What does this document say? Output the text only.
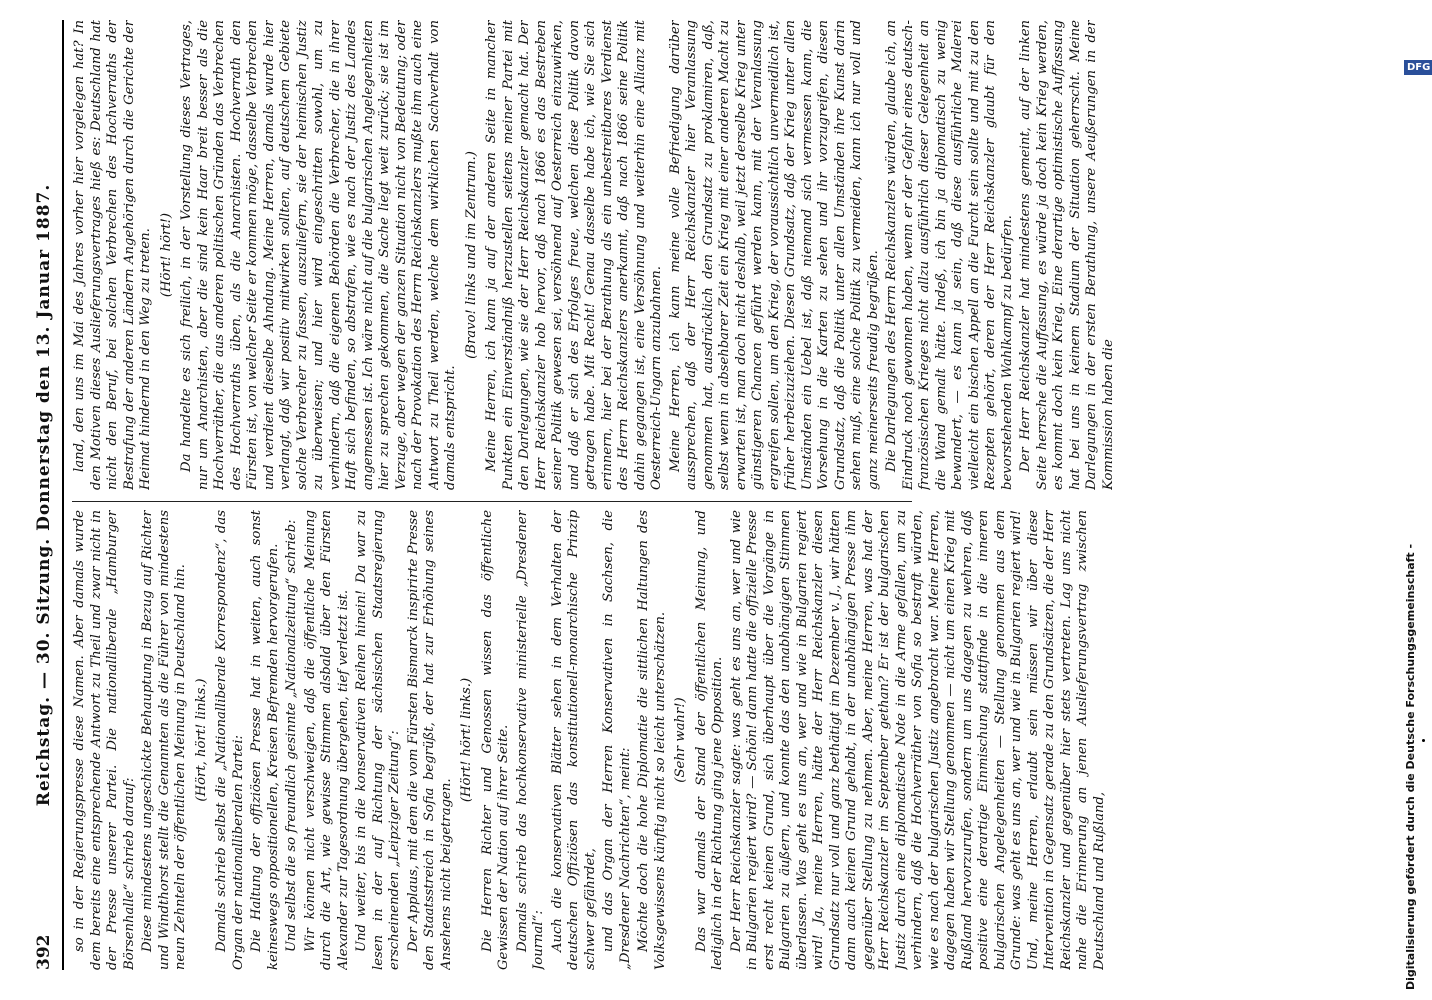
392
Reichstag. — 30. Sitzung. Donnerstag den 13. Januar 1887. so in der Regierungspresse diese Namen. Aber damals wurde dem bereits eine entsprechende Antwort zu Theil und zwar nicht in der Presse unserer Partei. Die nationalliberale „Hamburger Börsenhalle“ schrieb darauf: Diese mindestens ungeschickte Behauptung in Bezug auf Richter und Windthorst stellt die Genannten als die Führer von mindestens neun Zehnteln der öffentlichen Meinung in Deutschland hin. (Hört, hört! links.) Damals schrieb selbst die „Nationalliberale Korrespondenz“, das Organ der nationalliberalen Partei: Die Haltung der offiziösen Presse hat in weiten, auch sonst keineswegs oppositionellen, Kreisen Befremden hervorgerufen. Und selbst die so freundlich gesinnte „Nationalzeitung“ schrieb: Wir können nicht verschweigen, daß die öffentliche Meinung durch die Art, wie gewisse Stimmen alsbald über den Fürsten Alexander zur Tagesordnung übergehen, tief verletzt ist. Und weiter, bis in die konservativen Reihen hinein! Da war zu lesen in der auf Richtung der sächsischen Staatsregierung erscheinenden „Leipziger Zeitung“: Der Applaus, mit dem die vom Fürsten Bismarck inspirirte Presse den Staatsstreich in Sofia begrüßt, der hat zur Erhöhung seines Ansehens nicht beigetragen.

(Hört! hört! links.) Die Herren Richter und Genossen wissen das öffentliche Gewissen der Nation auf ihrer Seite. Damals schrieb das hochkonservative ministerielle „Dresdener Journal“: Auch die konservativen Blätter sehen in dem Verhalten der deutschen Offiziösen das konstitutionell-monarchische Prinzip schwer gefährdet, und das Organ der Herren Konservativen in Sachsen, die „Dresdener Nachrichten“, meint: Möchte doch die hohe Diplomatie die sittlichen Haltungen des Volksgewissens künftig nicht so leicht unterschätzen. (Sehr wahr!) Das war damals der Stand der öffentlichen Meinung, und lediglich in der Richtung ging jene Opposition. Der Herr Reichskanzler sagte: was geht es uns an, wer und wie in Bulgarien regiert wird? — Schön! dann hatte die offizielle Presse erst recht keinen Grund, sich überhaupt über die Vorgänge in Bulgarien zu äußern, und konnte das den unabhängigen Stimmen überlassen. Was geht es uns an, wer und wie in Bulgarien regiert wird! Ja, meine Herren, hätte der Herr Reichskanzler diesen Grundsatz nur voll und ganz bethätigt im Dezember v. J., wir hätten dann auch keinen Grund gehabt, in der unabhängigen Presse ihm gegenüber Stellung zu nehmen. Aber, meine Herren, was hat der Herr Reichskanzler im September gethan? Er ist der bulgarischen Justiz durch eine diplomatische Note in die Arme gefallen, um zu verhindern, daß die Hochverräther von Sofia so bestraft würden, wie es nach der bulgarischen Justiz angebracht war. Meine Herren, dagegen haben wir Stellung genommen — nicht um einen Krieg mit Rußland hervorzurufen, sondern um uns dagegen zu wehren, daß positive eine derartige Einmischung stattfinde in die inneren bulgarischen Angelegenheiten — Stellung genommen aus dem Grunde: was geht es uns an, wer und wie in Bulgarien regiert wird! Und, meine Herren, erlaubt sein müssen wir über diese Intervention in Gegensatz gerade zu den Grundsätzen, die der Herr Reichskanzler und gegenüber hier stets vertreten. Lag uns nicht nahe die Erinnerung an jenen Auslieferungsvertrag zwischen Deutschland und Rußland,

land, den uns im Mai des Jahres vorher hier vorgelegen hat? In den Motiven dieses Auslieferungsvertrages hieß es: Deutschland hat nicht den Beruf, bei solchen Verbrechen des Hochverraths der Bestrafung der anderen Ländern Angehörigen durch die Gerichte der Heimat hindernd in den Weg zu treten. (Hört! hört!) Da handelte es sich freilich, in der Vorstellung dieses Vertrages, nur um Anarchisten, aber die sind kein Haar breit besser als die Hochverräther, die aus anderen politischen Gründen das Verbrechen des Hochverraths üben, als die Anarchisten. Hochverrath den Fürsten ist, von welcher Seite er kommen möge, dasselbe Verbrechen und verdient dieselbe Ahndung. Meine Herren, damals wurde hier verlangt, daß wir positiv mitwirken sollten, auf deutschem Gebiete solche Verbrecher zu fassen, auszuliefern, sie der heimischen Justiz zu überweisen; und hier wird eingeschritten sowohl, um zu verhindern, daß die eigenen Behörden die Verbrecher, die in ihrer Haft sich befinden, so abstrafen, wie es nach der Justiz des Landes angemessen ist. Ich wäre nicht auf die bulgarischen Angelegenheiten hier zu sprechen gekommen, die Sache liegt weit zurück; sie ist im Verzuge, aber wegen der ganzen Situation nicht von Bedeutung; oder nach der Provokation des Herrn Reichskanzlers mußte ihm auch eine Antwort zu Theil werden, welche dem wirklichen Sachverhalt von damals entspricht.

(Bravo! links und im Zentrum.) Meine Herren, ich kann ja auf der anderen Seite in mancher Punkten ein Einverständniß herzustellen seitens meiner Partei mit den Darlegungen, wie sie der Herr Reichskanzler gemacht hat. Der Herr Reichskanzler hob hervor, daß nach 1866 es das Bestreben seiner Politik gewesen sei, versöhnend auf Oesterreich einzuwirken, und daß er sich des Erfolges freue, welchen diese Politik davon getragen habe. Mit Recht! Genau dasselbe habe ich, wie Sie sich erinnern, hier bei der Berathung als ein unbestreitbares Verdienst des Herrn Reichskanzlers anerkannt, daß nach 1866 seine Politik dahin gegangen ist, eine Versöhnung und weiterhin eine Allianz mit Oesterreich-Ungarn anzubahnen. Meine Herren, ich kann meine volle Befriedigung darüber aussprechen, daß der Herr Reichskanzler hier Veranlassung genommen hat, ausdrücklich den Grundsatz zu proklamiren, daß, selbst wenn in absehbarer Zeit ein Krieg mit einer anderen Macht zu erwarten ist, man doch nicht deshalb, weil jetzt derselbe Krieg unter günstigeren Chancen geführt werden kann, mit der Veranlassung ergreifen sollen, um den Krieg, der voraussichtlich unvermeidlich ist, früher herbeizuziehen. Diesen Grundsatz, daß der Krieg unter allen Umständen ein Uebel ist, daß niemand sich vermessen kann, die Vorsehung in die Karten zu sehen und ihr vorzugreifen, diesen Grundsatz, daß die Politik unter allen Umständen ihre Kunst darin sehen muß, eine solche Politik zu vermeiden, kann ich nur voll und ganz meinerseits freudig begrüßen. Die Darlegungen des Herrn Reichskanzlers würden, glaube ich, an Eindruck noch gewonnen haben, wenn er der Gefahr eines deutsch-französischen Krieges nicht allzu ausführlich dieser Gelegenheit an die Wand gemalt hätte. Indeß, ich bin ja diplomatisch zu wenig bewandert, — es kann ja sein, daß diese ausführliche Malerei vielleicht ein bischen Appell an die Furcht sein sollte und mit zu den Rezepten gehört, deren der Herr Reichskanzler glaubt für den bevorstehenden Wahlkampf zu bedürfen. Der Herr Reichskanzler hat mindestens gemeint, auf der linken Seite herrsche die Auffassung, es würde ja doch kein Krieg werden, es kommt doch kein Krieg. Eine derartige optimistische Auffassung hat bei uns in keinem Stadium der Situation geherrscht. Meine Darlegungen in der ersten Berathung, unsere Aeußerungen in der Kommission haben die

Digitalisierung gefördert durch die Deutsche Forschungsgemeinschaft -
DFG
